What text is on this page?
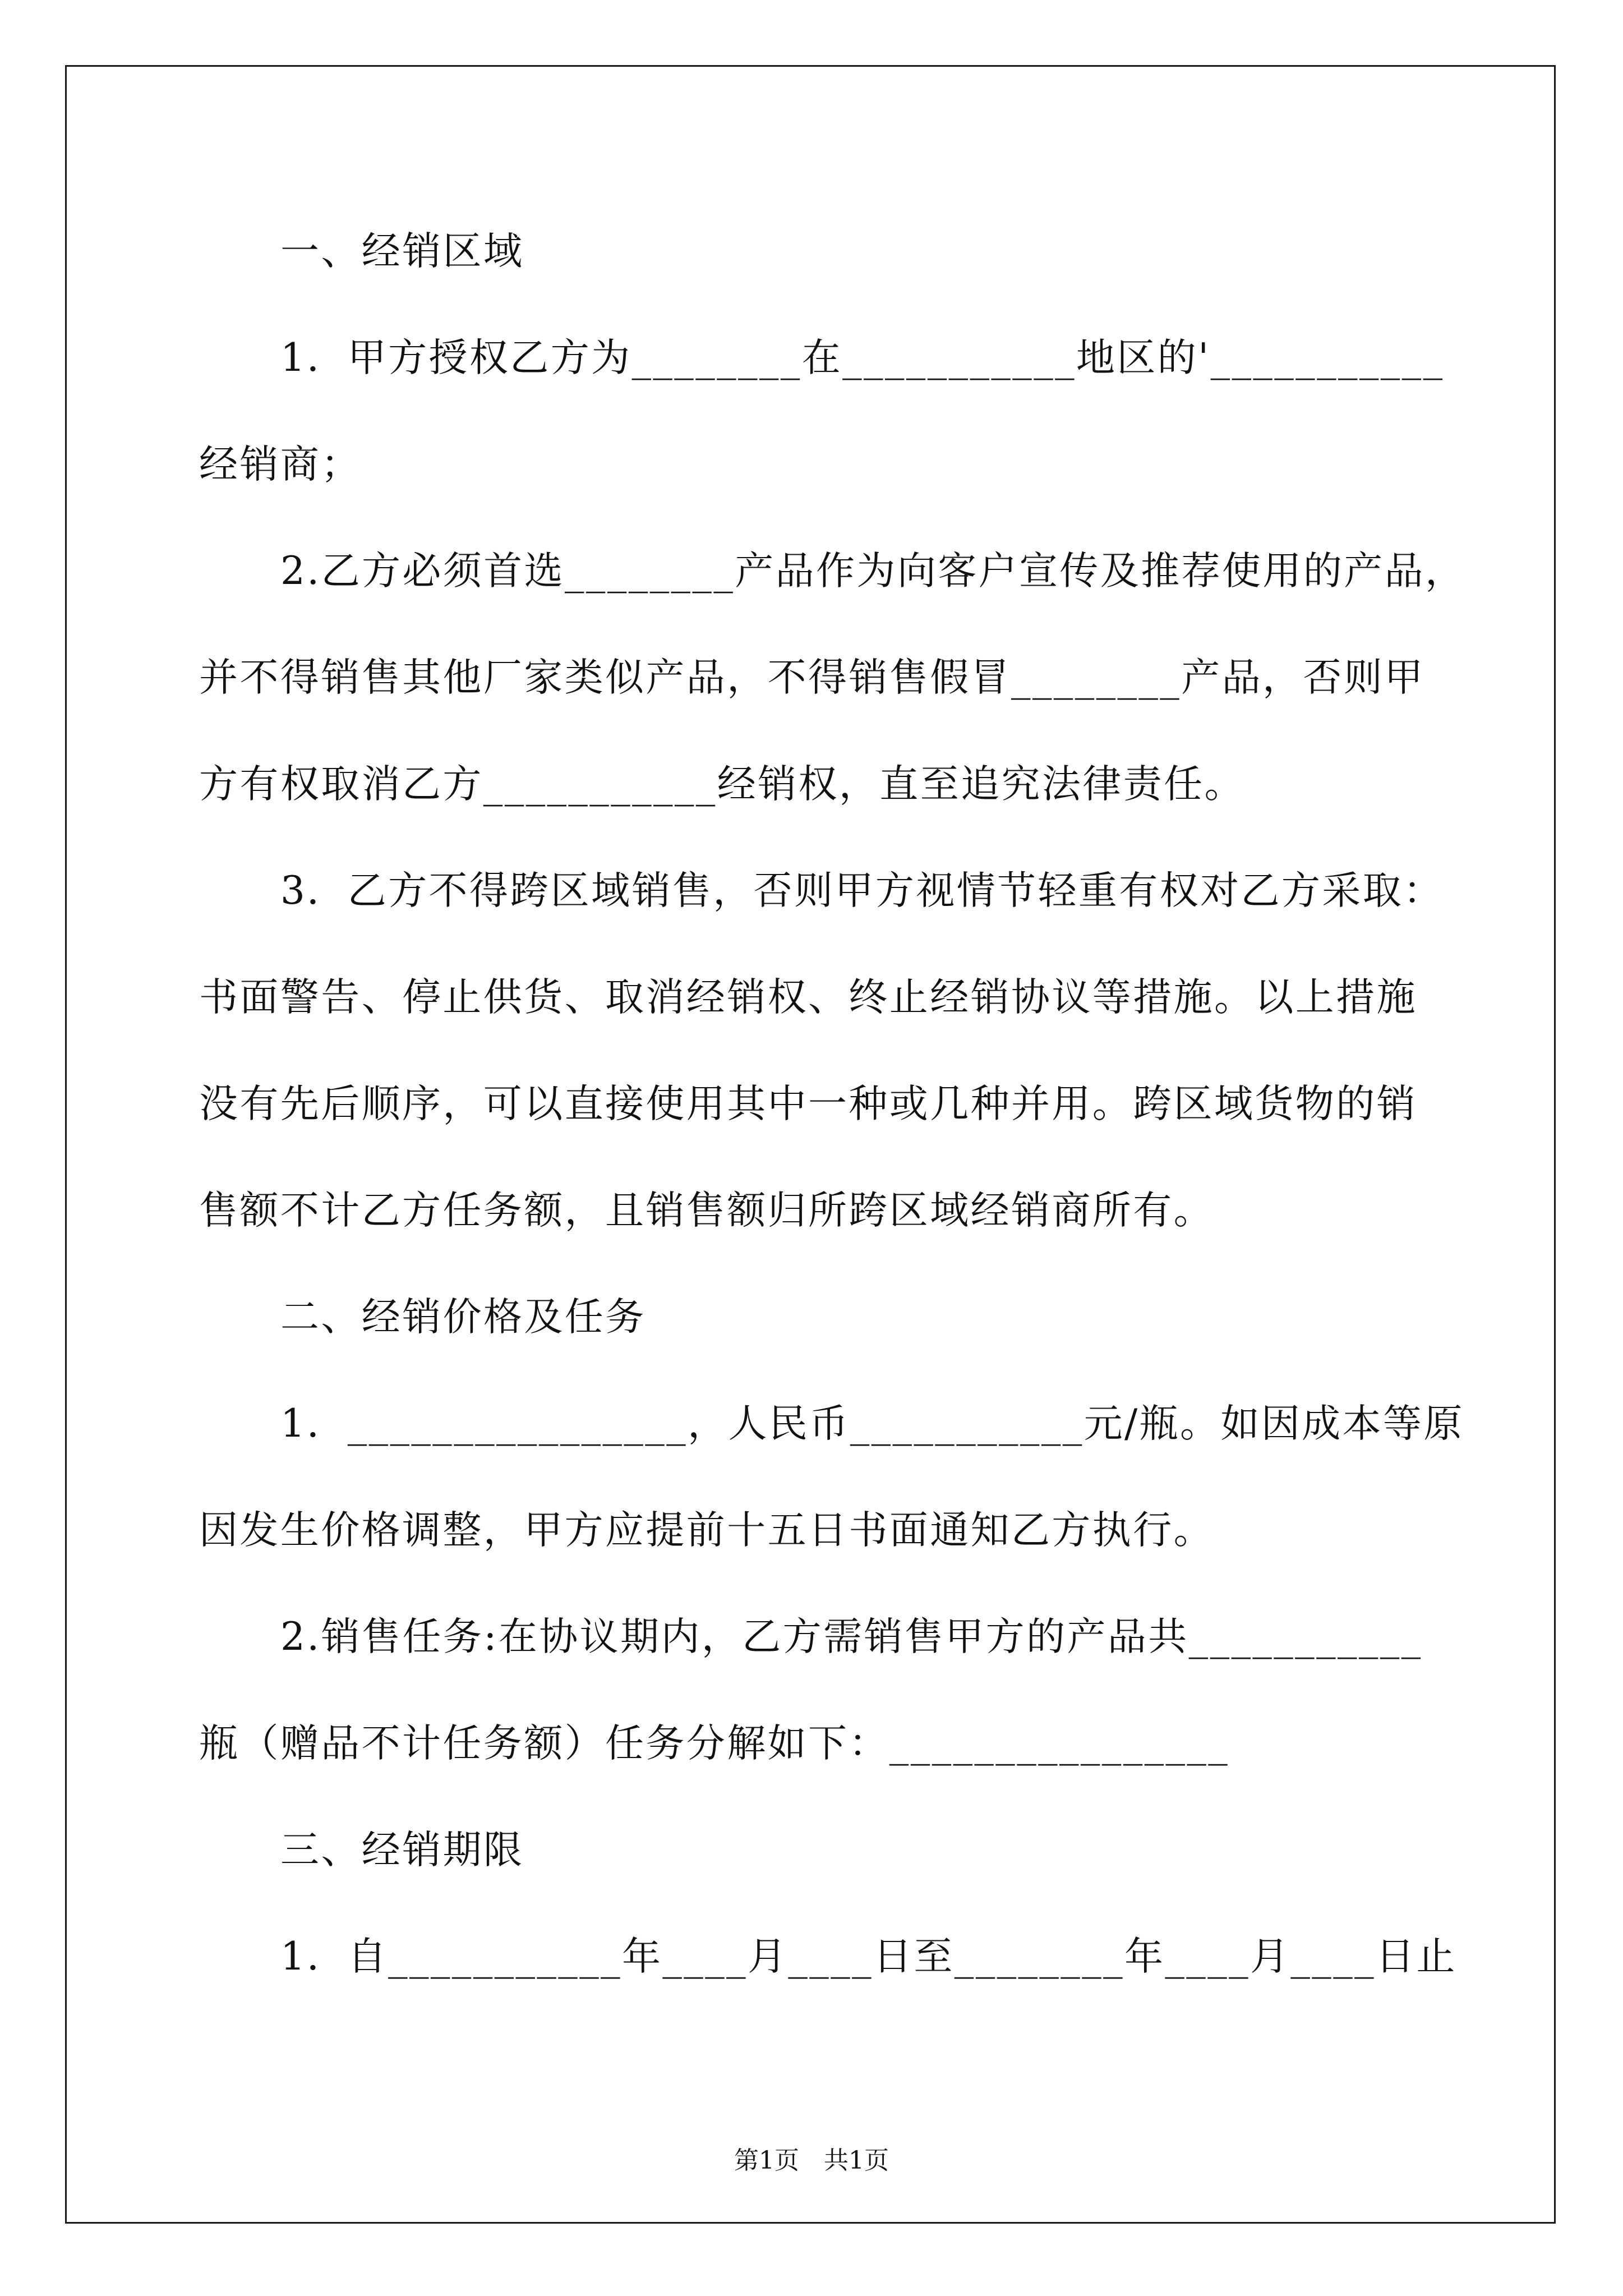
一、经销区域
1．甲方授权乙方为________在___________地区的'___________
经销商；
2.乙方必须首选________产品作为向客户宣传及推荐使用的产品，
并不得销售其他厂家类似产品，不得销售假冒________产品，否则甲
方有权取消乙方___________经销权，直至追究法律责任。
3．乙方不得跨区域销售，否则甲方视情节轻重有权对乙方采取：
书面警告、停止供货、取消经销权、终止经销协议等措施。以上措施
没有先后顺序，可以直接使用其中一种或几种并用。跨区域货物的销
售额不计乙方任务额，且销售额归所跨区域经销商所有。
二、经销价格及任务
1．________________，人民币___________元/瓶。如因成本等原
因发生价格调整，甲方应提前十五日书面通知乙方执行。
2.销售任务:在协议期内，乙方需销售甲方的产品共___________
瓶（赠品不计任务额）任务分解如下：________________
三、经销期限
1．自___________年____月____日至________年____月____日止
第1页　共1页
